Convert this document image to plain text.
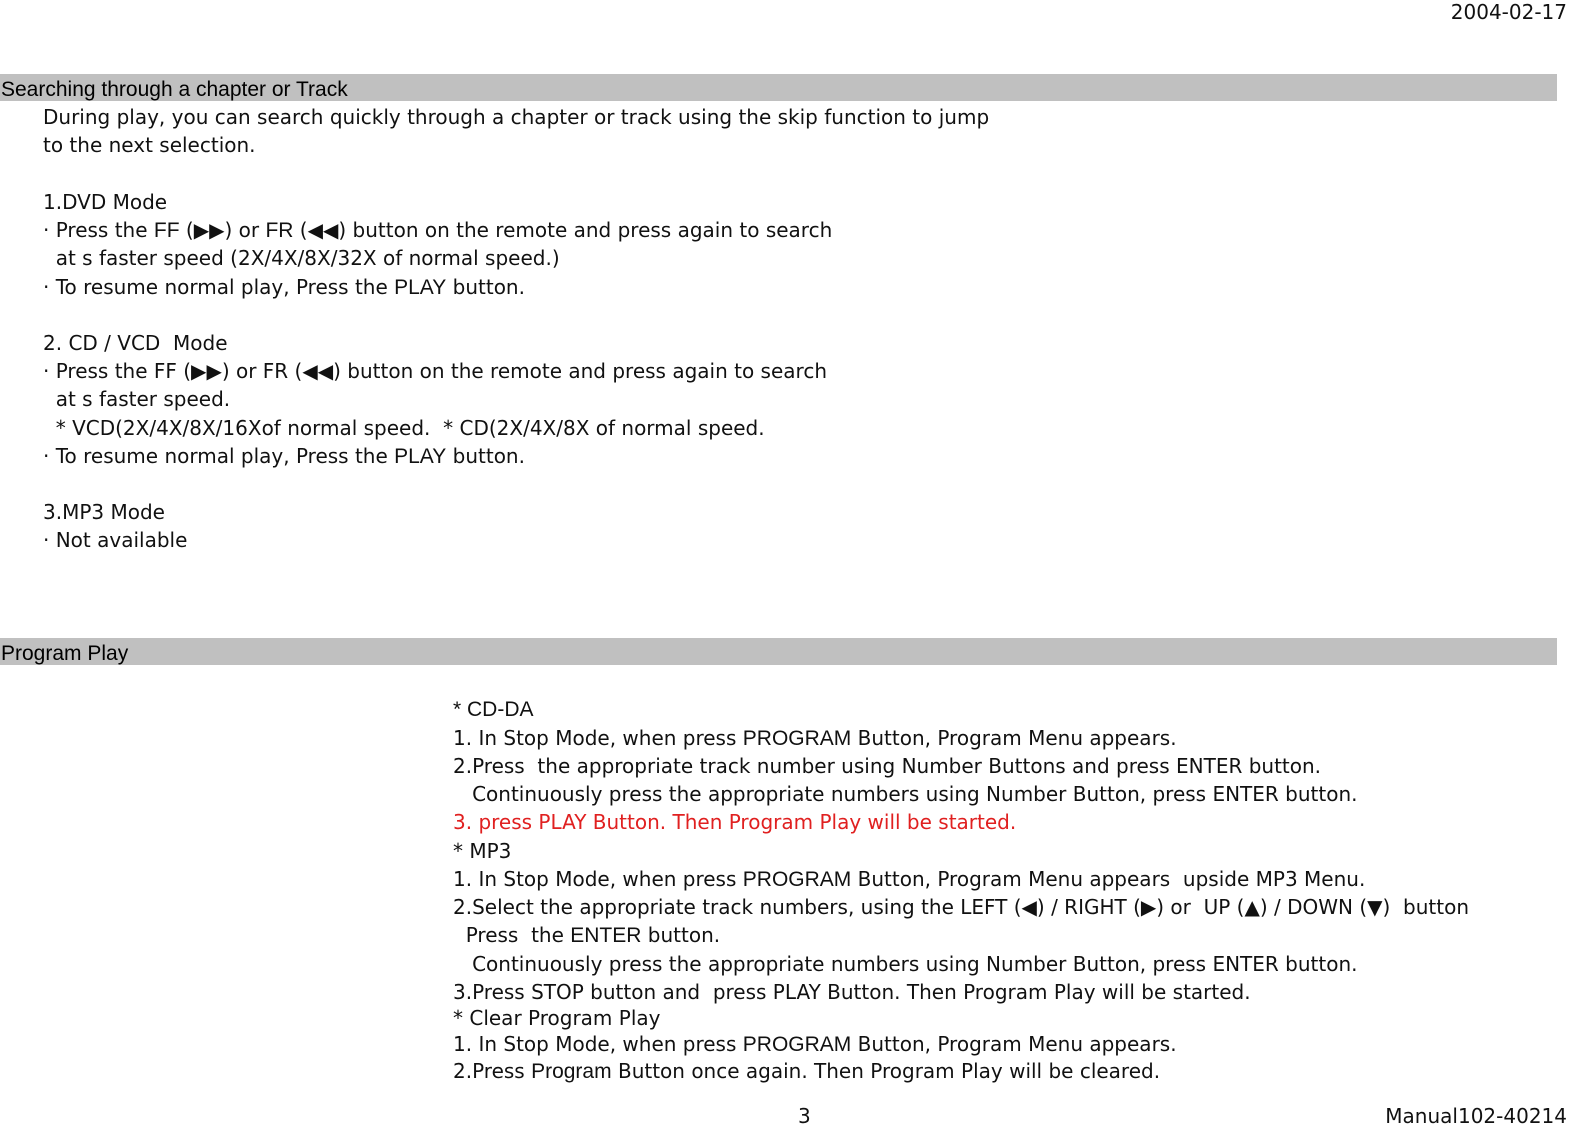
2004-02-17
Searching through a chapter or Track
During play, you can search quickly through a chapter or track using the skip function to jump
to the next selection.
1.DVD Mode
· Press the FF (▶▶) or FR (◀◀) button on the remote and press again to search
at s faster speed (2X/4X/8X/32X of normal speed.)
· To resume normal play, Press the PLAY button.
2. CD / VCD  Mode
· Press the FF (▶▶) or FR (◀◀) button on the remote and press again to search
at s faster speed.
* VCD(2X/4X/8X/16Xof normal speed.  * CD(2X/4X/8X of normal speed.
· To resume normal play, Press the PLAY button.
3.MP3 Mode
· Not available
Program Play
* CD-DA
1. In Stop Mode, when press PROGRAM Button, Program Menu appears.
2.Press  the appropriate track number using Number Buttons and press ENTER button.
Continuously press the appropriate numbers using Number Button, press ENTER button.
3. press PLAY Button. Then Program Play will be started.
* MP3
1. In Stop Mode, when press PROGRAM Button, Program Menu appears  upside MP3 Menu.
2.Select the appropriate track numbers, using the LEFT (◀) / RIGHT (▶) or  UP (▲) / DOWN (▼)  button
Press  the ENTER button.
Continuously press the appropriate numbers using Number Button, press ENTER button.
3.Press STOP button and  press PLAY Button. Then Program Play will be started.
* Clear Program Play
1. In Stop Mode, when press PROGRAM Button, Program Menu appears.
2.Press Program Button once again. Then Program Play will be cleared.
3	Manual102-40214
